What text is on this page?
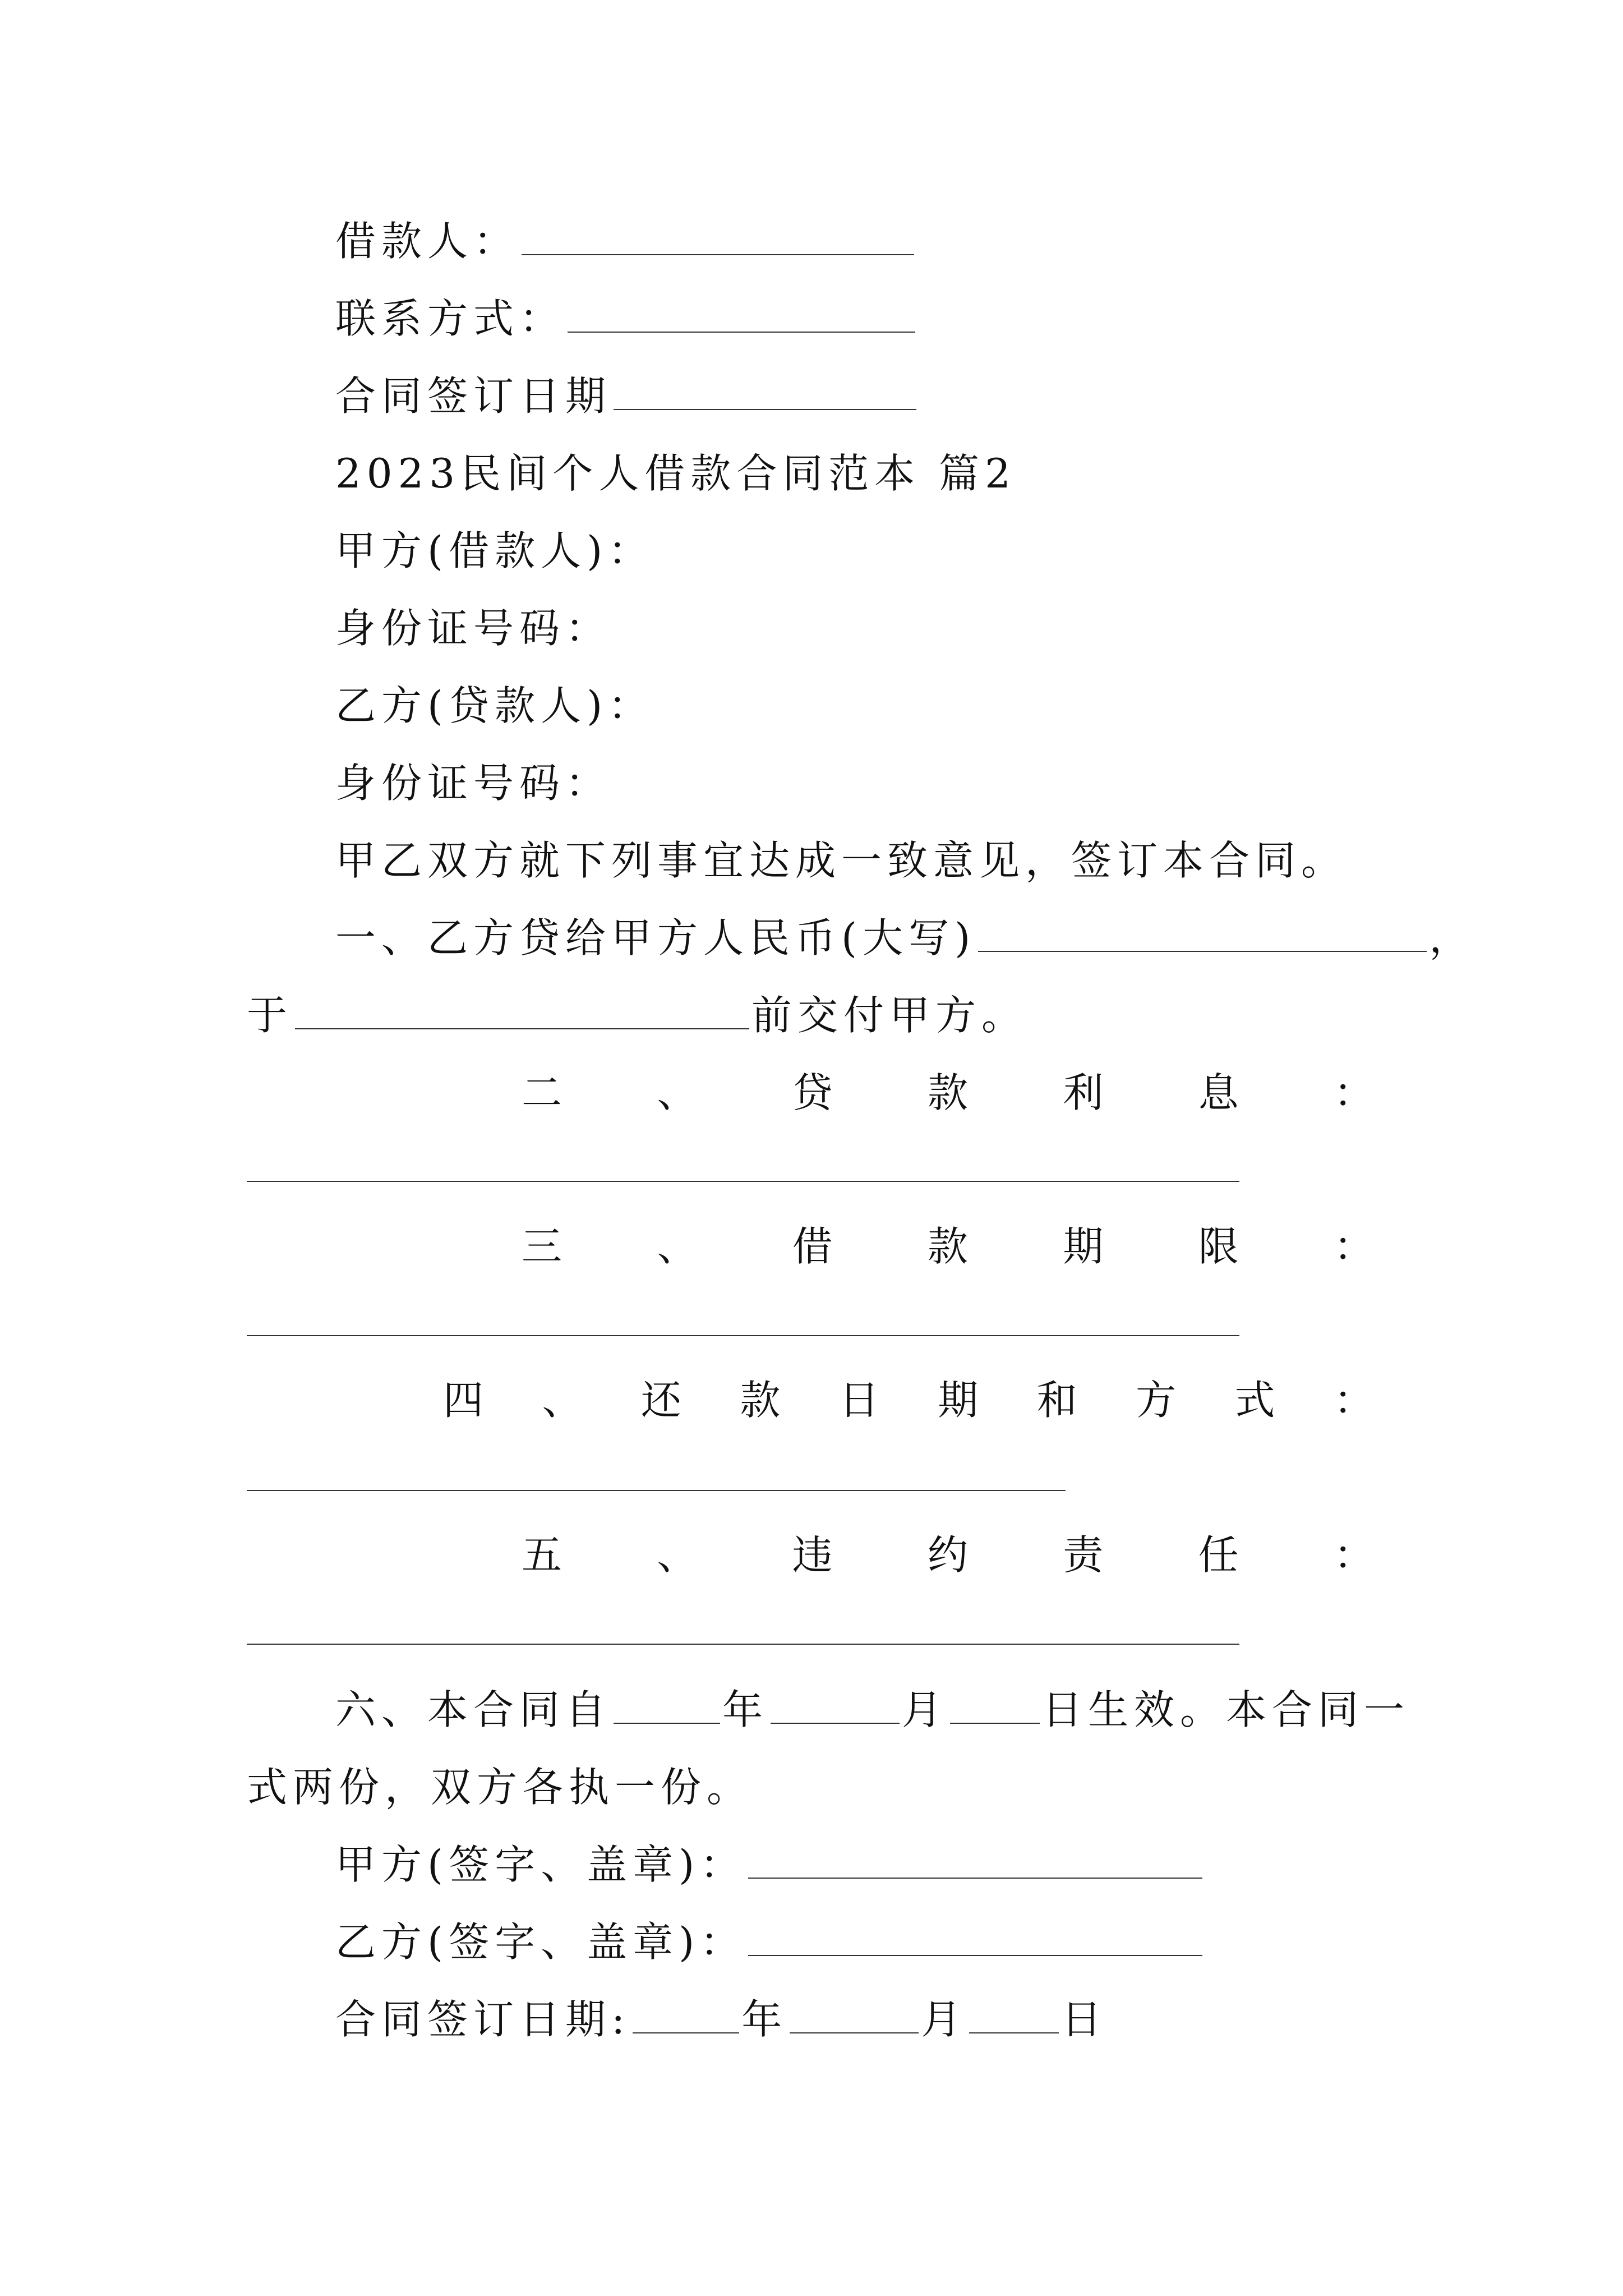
借款人：
联系方式：
合同签订日期
2023民间个人借款合同范本 篇2
甲方(借款人)：
身份证号码：
乙方(贷款人)：
身份证号码：
甲乙双方就下列事宜达成一致意见，签订本合同。
一、乙方贷给甲方人民币(大写)	，
于	前交付甲方。
二 、 贷 款 利 息 ：
三 、 借 款 期 限 ：
四 、 还 款 日 期 和 方 式 ：
五 、 违 约 责 任 ：
六、本合同自	年	月 日生效。本合同一
式两份，双方各执一份。
甲方(签字、盖章)：
乙方(签字、盖章)：
合同签订日期:	年	月 日
